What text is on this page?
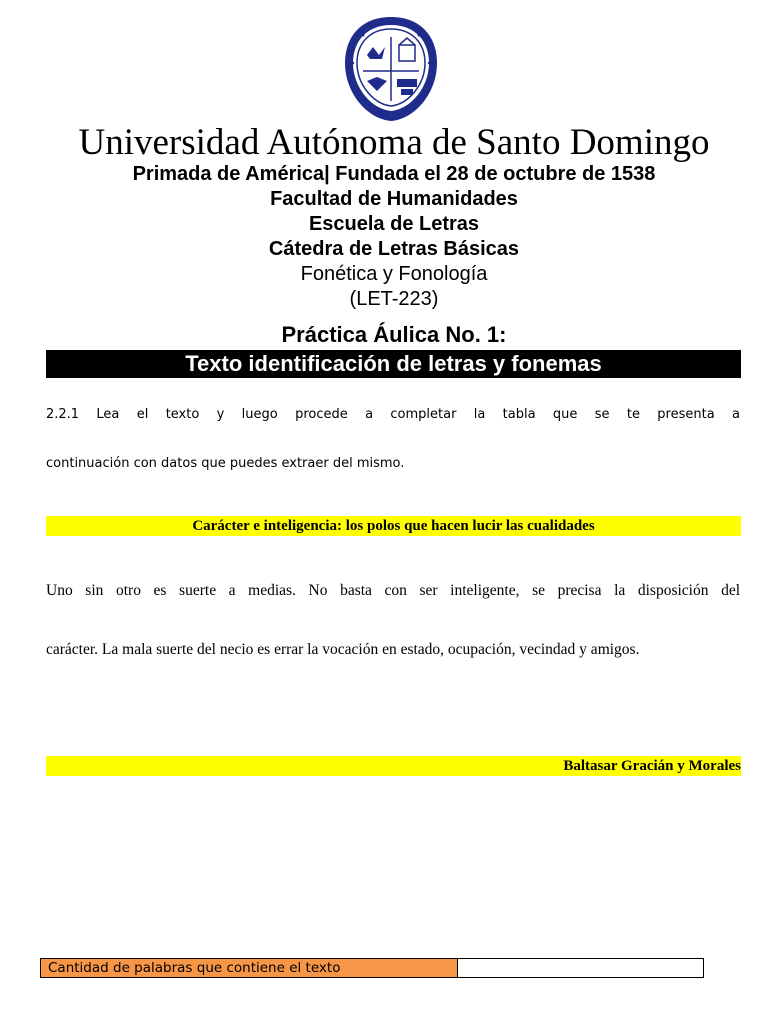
Universidad Autónoma de Santo Domingo
Primada de América| Fundada el 28 de octubre de 1538
Facultad de Humanidades
Escuela de Letras
Cátedra de Letras Básicas
Fonética y Fonología
(LET-223)
Práctica Áulica No. 1:
Texto identificación de letras y fonemas
2.2.1 Lea el texto y luego procede a completar la tabla que se te presenta a
continuación con datos que puedes extraer del mismo.
Carácter e inteligencia: los polos que hacen lucir las cualidades
Uno sin otro es suerte a medias. No basta con ser inteligente, se precisa la disposición del
carácter. La mala suerte del necio es errar la vocación en estado, ocupación, vecindad y amigos.
Baltasar Gracián y Morales
Cantidad de palabras que contiene el texto
